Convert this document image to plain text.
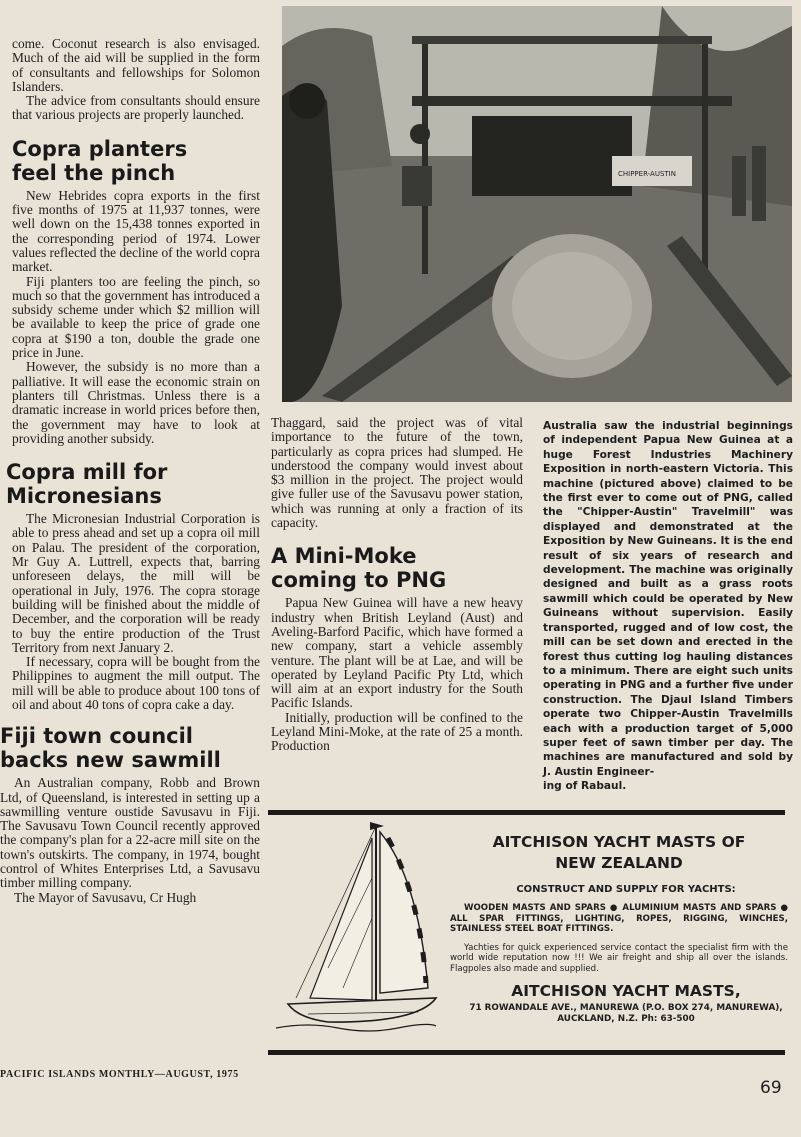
come. Coconut research is also envisaged. Much of the aid will be supplied in the form of consultants and fellowships for Solomon Islanders.

The advice from consultants should ensure that various projects are properly launched.

Copra planters feel the pinch

New Hebrides copra exports in the first five months of 1975 at 11,937 tonnes, were well down on the 15,438 tonnes exported in the corresponding period of 1974. Lower values reflected the decline of the world copra market.

Fiji planters too are feeling the pinch, so much so that the government has introduced a subsidy scheme under which $2 million will be available to keep the price of grade one copra at $190 a ton, double the grade one price in June.

However, the subsidy is no more than a palliative. It will ease the economic strain on planters till Christmas. Unless there is a dramatic increase in world prices before then, the government may have to look at providing another subsidy.

Copra mill for Micronesians

The Micronesian Industrial Corporation is able to press ahead and set up a copra oil mill on Palau. The president of the corporation, Mr Guy A. Luttrell, expects that, barring unforeseen delays, the mill will be operational in July, 1976. The copra storage building will be finished about the middle of December, and the corporation will be ready to buy the entire production of the Trust Territory from next January 2.

If necessary, copra will be bought from the Philippines to augment the mill output. The mill will be able to produce about 100 tons of oil and about 40 tons of copra cake a day.

Fiji town council backs new sawmill

An Australian company, Robb and Brown Ltd, of Queensland, is interested in setting up a sawmilling venture oustide Savusavu in Fiji. The Savusavu Town Council recently approved the company's plan for a 22-acre mill site on the town's outskirts. The company, in 1974, bought control of Whites Enterprises Ltd, a Savusavu timber milling company.

The Mayor of Savusavu, Cr Hugh

CHIPPER-AUSTIN

Thaggard, said the project was of vital importance to the future of the town, particularly as copra prices had slumped. He understood the company would invest about $3 million in the project. The project would give fuller use of the Savusavu power station, which was running at only a fraction of its capacity.

A Mini-Moke coming to PNG

Papua New Guinea will have a new heavy industry when British Leyland (Aust) and Aveling-Barford Pacific, which have formed a new company, start a vehicle assembly venture. The plant will be at Lae, and will be operated by Leyland Pacific Pty Ltd, which will aim at an export industry for the South Pacific Islands.

Initially, production will be confined to the Leyland Mini-Moke, at the rate of 25 a month. Production

Australia saw the industrial beginnings of independent Papua New Guinea at a huge Forest Industries Machinery Exposition in north-eastern Victoria. This machine (pictured above) claimed to be the first ever to come out of PNG, called the "Chipper-Austin" Travelmill" was displayed and demonstrated at the Exposition by New Guineans. It is the end result of six years of research and development. The machine was originally designed and built as a grass roots sawmill which could be operated by New Guineans without supervision. Easily transported, rugged and of low cost, the mill can be set down and erected in the forest thus cutting log hauling distances to a minimum. There are eight such units operating in PNG and a further five under construction. The Djaul Island Timbers operate two Chipper-Austin Travelmills each with a production target of 5,000 super feet of sawn timber per day. The machines are manufactured and sold by J. Austin Engineer-

ing of Rabaul.

AITCHISON YACHT MASTS OF NEW ZEALAND

CONSTRUCT AND SUPPLY FOR YACHTS:

WOODEN MASTS AND SPARS ● ALUMINIUM MASTS AND SPARS ● ALL SPAR FITTINGS, LIGHTING, ROPES, RIGGING, WINCHES, STAINLESS STEEL BOAT FITTINGS.

Yachties for quick experienced service contact the specialist firm with the world wide reputation now !!! We air freight and ship all over the islands. Flagpoles also made and supplied.

AITCHISON YACHT MASTS,

71 ROWANDALE AVE., MANUREWA (P.O. BOX 274, MANUREWA),

AUCKLAND, N.Z. Ph: 63-500

PACIFIC ISLANDS MONTHLY—AUGUST, 1975
69
